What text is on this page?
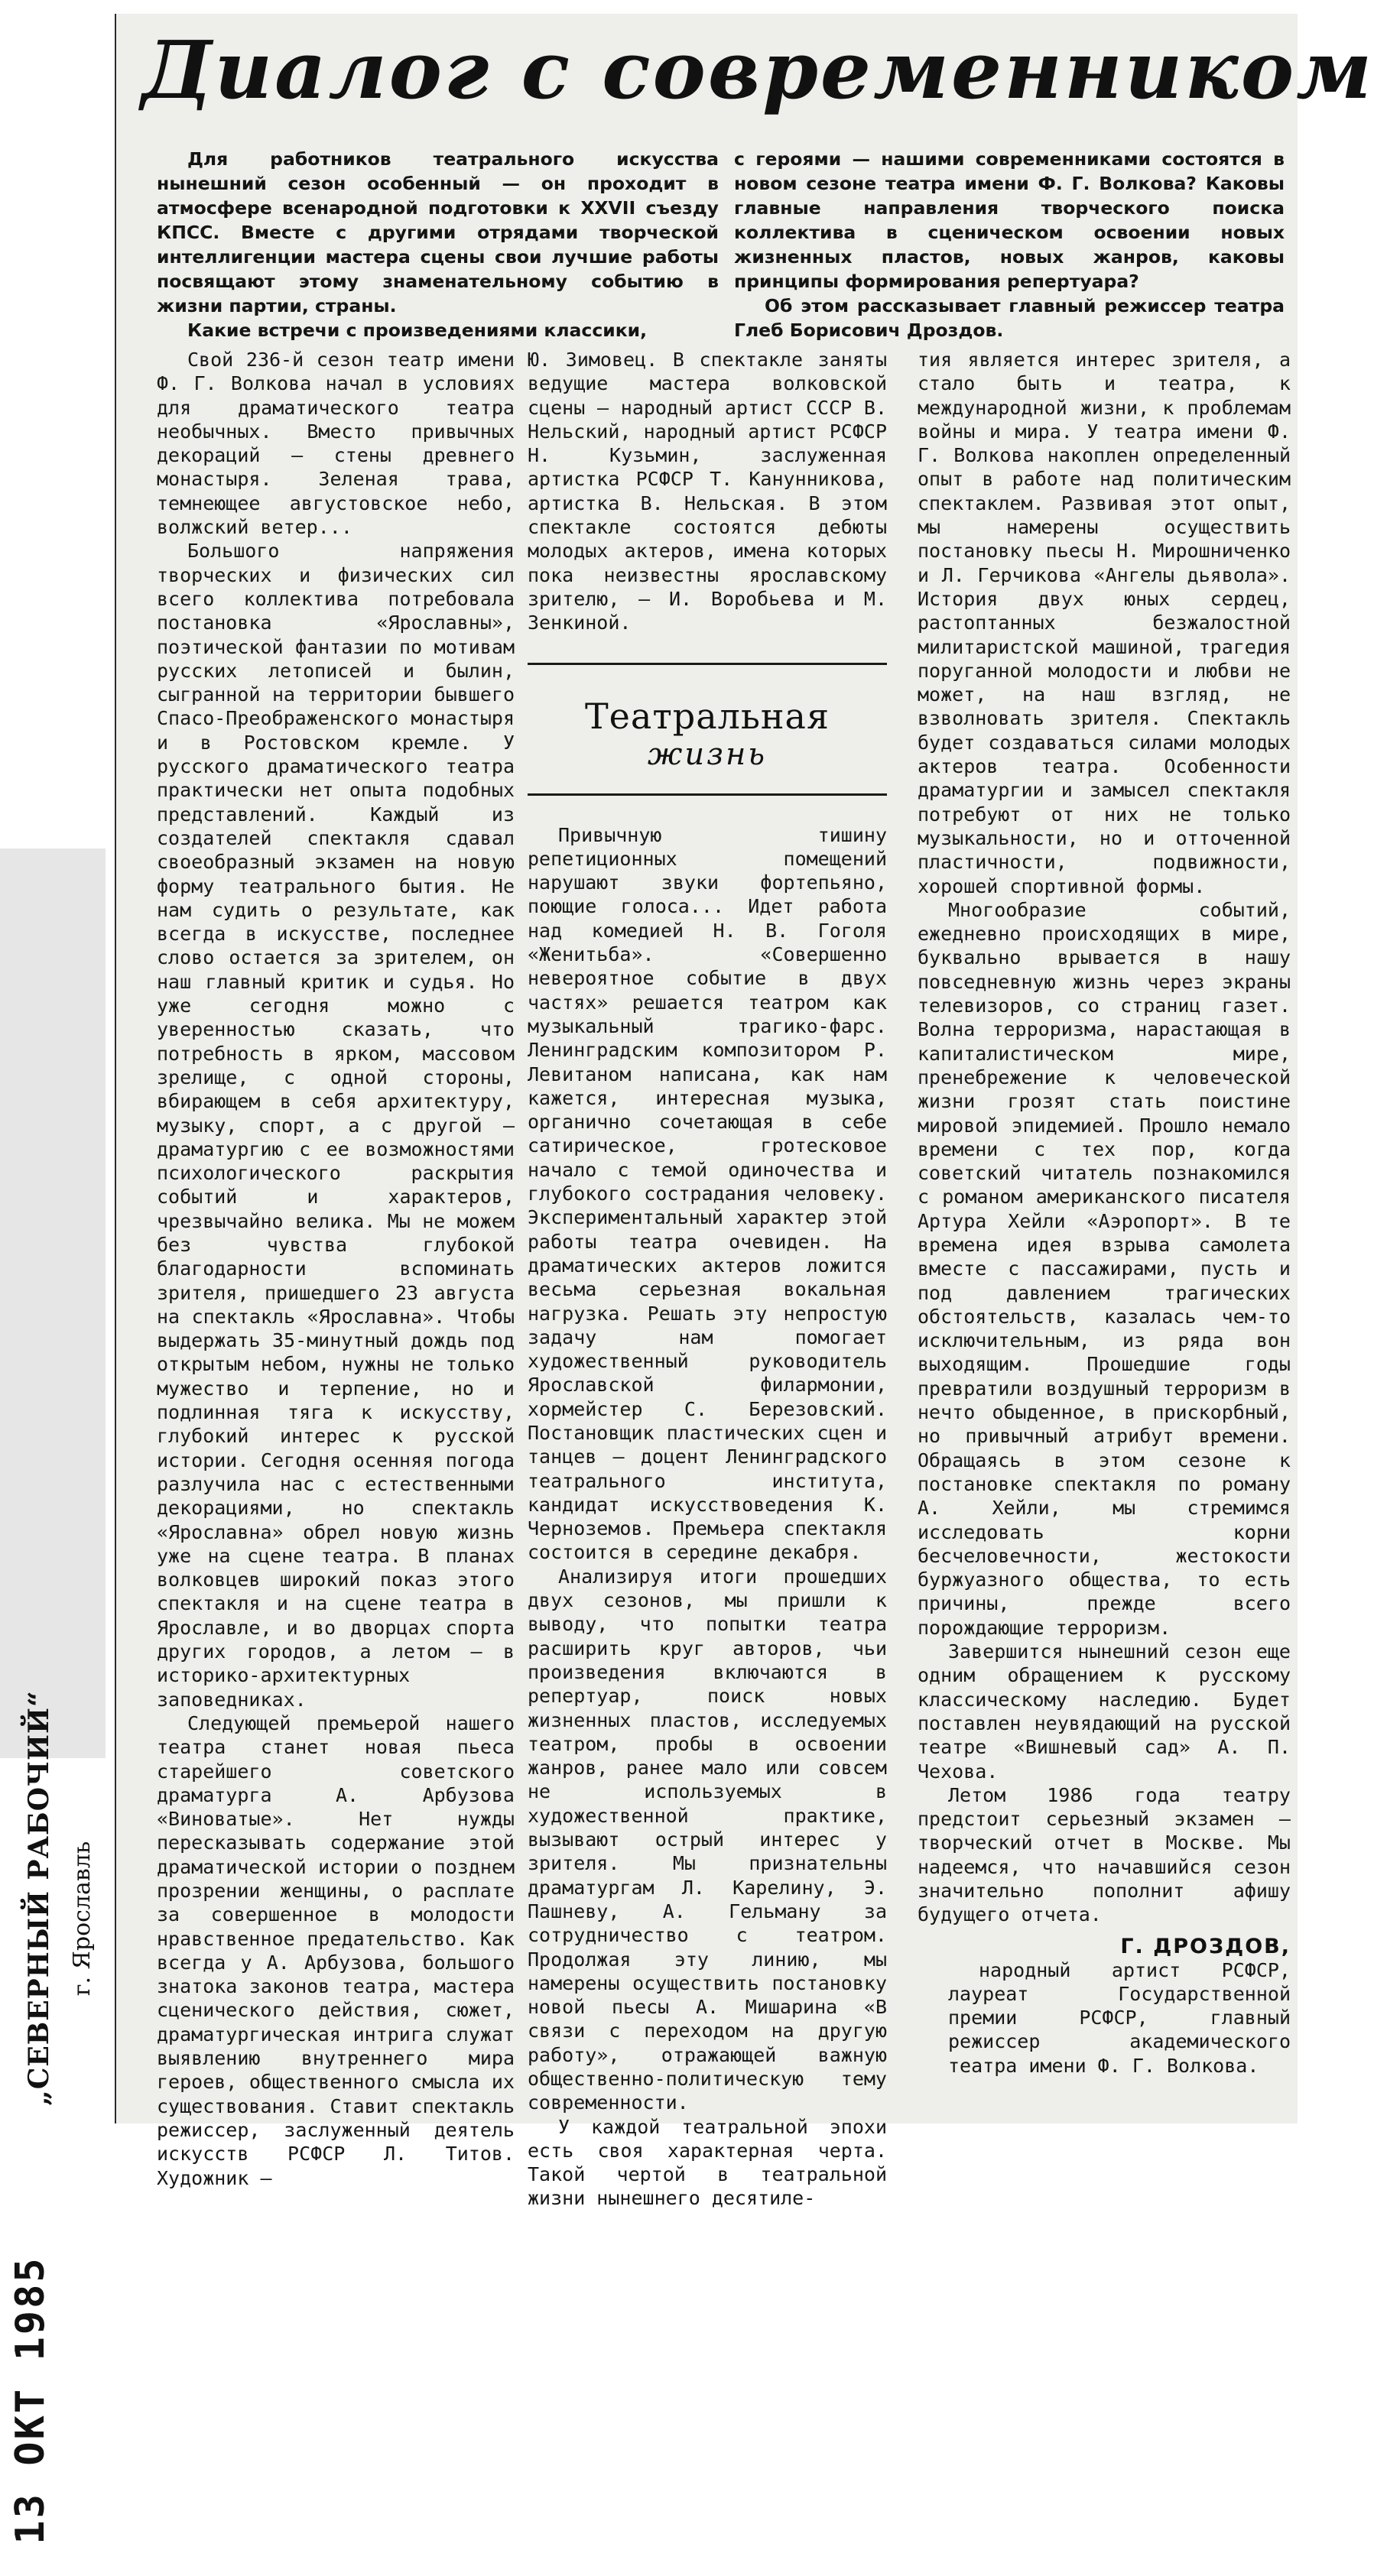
„СЕВЕРНЫЙ РАБОЧИЙ“ г. Ярославль
13 ОКТ 1985
Диалог с современником

Для работников театрального искусства нынешний сезон особенный — он проходит в атмосфере всенародной подготовки к XXVII съезду КПСС. Вместе с другими отрядами творческой интеллигенции мастера сцены свои лучшие работы посвящают этому знаменательному событию в жизни партии, страны.

Какие встречи с произведениями классики,

с героями — нашими современниками состоятся в новом сезоне театра имени Ф. Г. Волкова? Каковы главные направления творческого поиска коллектива в сценическом освоении новых жизненных пластов, новых жанров, каковы принципы формирования репертуара?

Об этом рассказывает главный режиссер театра Глеб Борисович Дроздов.

Свой 236-й сезон театр имени Ф. Г. Волкова начал в условиях для драматического театра необычных. Вместо привычных декораций — стены древнего монастыря. Зеленая трава, темнеющее августовское небо, волжский ветер...

Большого напряжения творческих и физических сил всего коллектива потребовала постановка «Ярославны», поэтической фантазии по мотивам русских летописей и былин, сыгранной на территории бывшего Спасо-Преображенского монастыря и в Ростовском кремле. У русского драматического театра практически нет опыта подобных представлений. Каждый из создателей спектакля сдавал своеобразный экзамен на новую форму театрального бытия. Не нам судить о результате, как всегда в искусстве, последнее слово остается за зрителем, он наш главный критик и судья. Но уже сегодня можно с уверенностью сказать, что потребность в ярком, массовом зрелище, с одной стороны, вбирающем в себя архитектуру, музыку, спорт, а с другой — драматургию с ее возможностями психологического раскрытия событий и характеров, чрезвычайно велика. Мы не можем без чувства глубокой благодарности вспоминать зрителя, пришедшего 23 августа на спектакль «Ярославна». Чтобы выдержать 35-минутный дождь под открытым небом, нужны не только мужество и терпение, но и подлинная тяга к искусству, глубокий интерес к русской истории. Сегодня осенняя погода разлучила нас с естественными декорациями, но спектакль «Ярославна» обрел новую жизнь уже на сцене театра. В планах волковцев широкий показ этого спектакля и на сцене театра в Ярославле, и во дворцах спорта других городов, а летом — в историко-архитектурных заповедниках.

Следующей премьерой нашего театра станет новая пьеса старейшего советского драматурга А. Арбузова «Виноватые». Нет нужды пересказывать содержание этой драматической истории о позднем прозрении женщины, о расплате за совершенное в молодости нравственное предательство. Как всегда у А. Арбузова, большого знатока законов театра, мастера сценического действия, сюжет, драматургическая интрига служат выявлению внутреннего мира героев, общественного смысла их существования. Ставит спектакль режиссер, заслуженный деятель искусств РСФСР Л. Титов. Художник —

Ю. Зимовец. В спектакле заняты ведущие мастера волковской сцены — народный артист СССР В. Нельский, народный артист РСФСР Н. Кузьмин, заслуженная артистка РСФСР Т. Канунникова, артистка В. Нельская. В этом спектакле состоятся дебюты молодых актеров, имена которых пока неизвестны ярославскому зрителю, — И. Воробьева и М. Зенкиной.

Театральная
жизнь

Привычную тишину репетиционных помещений нарушают звуки фортепьяно, поющие голоса... Идет работа над комедией Н. В. Гоголя «Женитьба». «Совершенно невероятное событие в двух частях» решается театром как музыкальный трагико-фарс. Ленинградским композитором Р. Левитаном написана, как нам кажется, интересная музыка, органично сочетающая в себе сатирическое, гротесковое начало с темой одиночества и глубокого сострадания человеку. Экспериментальный характер этой работы театра очевиден. На драматических актеров ложится весьма серьезная вокальная нагрузка. Решать эту непростую задачу нам помогает художественный руководитель Ярославской филармонии, хормейстер С. Березовский. Постановщик пластических сцен и танцев — доцент Ленинградского театрального института, кандидат искусствоведения К. Черноземов. Премьера спектакля состоится в середине декабря.

Анализируя итоги прошедших двух сезонов, мы пришли к выводу, что попытки театра расширить круг авторов, чьи произведения включаются в репертуар, поиск новых жизненных пластов, исследуемых театром, пробы в освоении жанров, ранее мало или совсем не используемых в художественной практике, вызывают острый интерес у зрителя. Мы признательны драматургам Л. Карелину, Э. Пашневу, А. Гельману за сотрудничество с театром. Продолжая эту линию, мы намерены осуществить постановку новой пьесы А. Мишарина «В связи с переходом на другую работу», отражающей важную общественно-политическую тему современности.

У каждой театральной эпохи есть своя характерная черта. Такой чертой в театральной жизни нынешнего десятиле-

тия является интерес зрителя, а стало быть и театра, к международной жизни, к проблемам войны и мира. У театра имени Ф. Г. Волкова накоплен определенный опыт в работе над политическим спектаклем. Развивая этот опыт, мы намерены осуществить постановку пьесы Н. Мирошниченко и Л. Герчикова «Ангелы дьявола». История двух юных сердец, растоптанных безжалостной милитаристской машиной, трагедия поруганной молодости и любви не может, на наш взгляд, не взволновать зрителя. Спектакль будет создаваться силами молодых актеров театра. Особенности драматургии и замысел спектакля потребуют от них не только музыкальности, но и отточенной пластичности, подвижности, хорошей спортивной формы.

Многообразие событий, ежедневно происходящих в мире, буквально врывается в нашу повседневную жизнь через экраны телевизоров, со страниц газет. Волна терроризма, нарастающая в капиталистическом мире, пренебрежение к человеческой жизни грозят стать поистине мировой эпидемией. Прошло немало времени с тех пор, когда советский читатель познакомился с романом американского писателя Артура Хейли «Аэропорт». В те времена идея взрыва самолета вместе с пассажирами, пусть и под давлением трагических обстоятельств, казалась чем-то исключительным, из ряда вон выходящим. Прошедшие годы превратили воздушный терроризм в нечто обыденное, в прискорбный, но привычный атрибут времени. Обращаясь в этом сезоне к постановке спектакля по роману А. Хейли, мы стремимся исследовать корни бесчеловечности, жестокости буржуазного общества, то есть причины, прежде всего порождающие терроризм.

Завершится нынешний сезон еще одним обращением к русскому классическому наследию. Будет поставлен неувядающий на русской театре «Вишневый сад» А. П. Чехова.

Летом 1986 года театру предстоит серьезный экзамен — творческий отчет в Москве. Мы надеемся, что начавшийся сезон значительно пополнит афишу будущего отчета.

Г. ДРОЗДОВ,

народный артист РСФСР, лауреат Государственной премии РСФСР, главный режиссер академического театра имени Ф. Г. Волкова.
